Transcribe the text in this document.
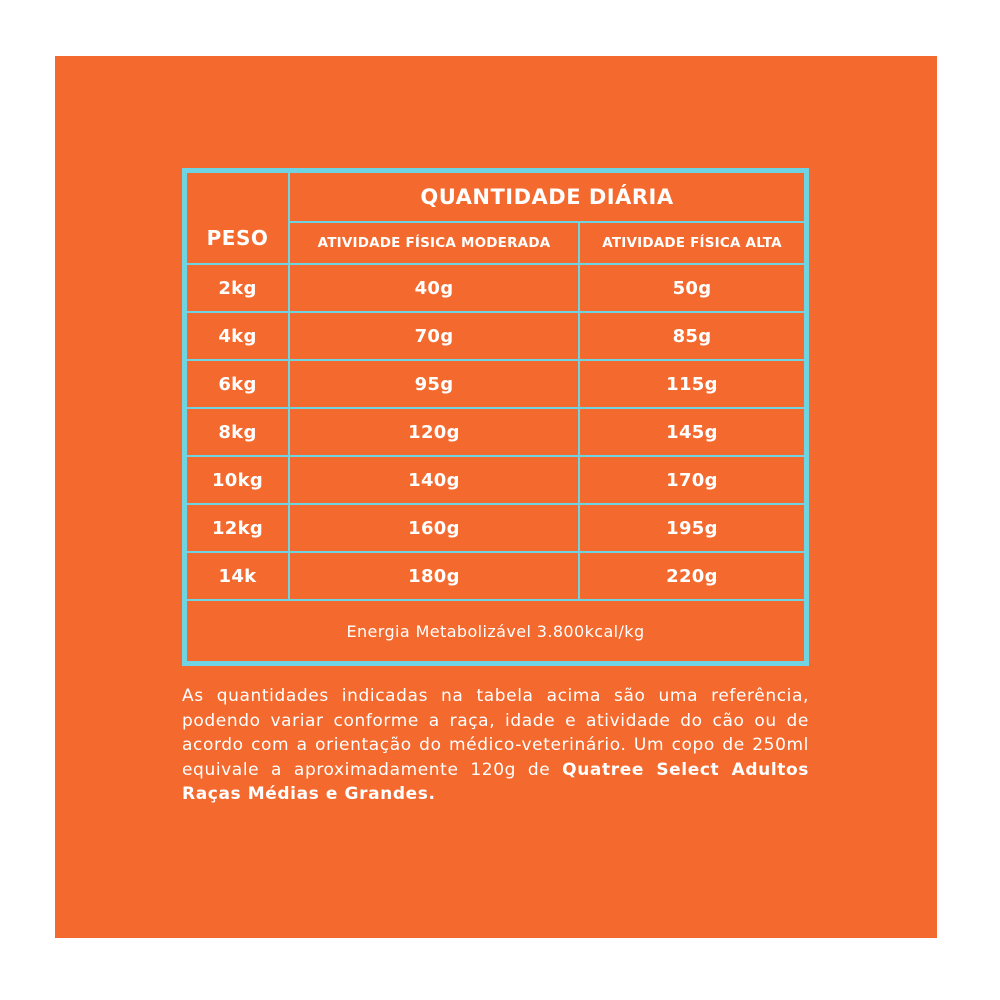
PESO
QUANTIDADE DIÁRIA
ATIVIDADE FÍSICA MODERADA	ATIVIDADE FÍSICA ALTA
2kg	40g	50g
4kg	70g	85g
6kg	95g	115g
8kg	120g	145g
10kg	140g	170g
12kg	160g	195g
14k	180g	220g
Energia Metabolizável 3.800kcal/kg
As quantidades indicadas na tabela acima são uma referência, podendo variar conforme a raça, idade e atividade do cão ou de acordo com a orientação do médico-veterinário. Um copo de 250ml equivale a aproximadamente 120g de Quatree Select Adultos Raças Médias e Grandes.
